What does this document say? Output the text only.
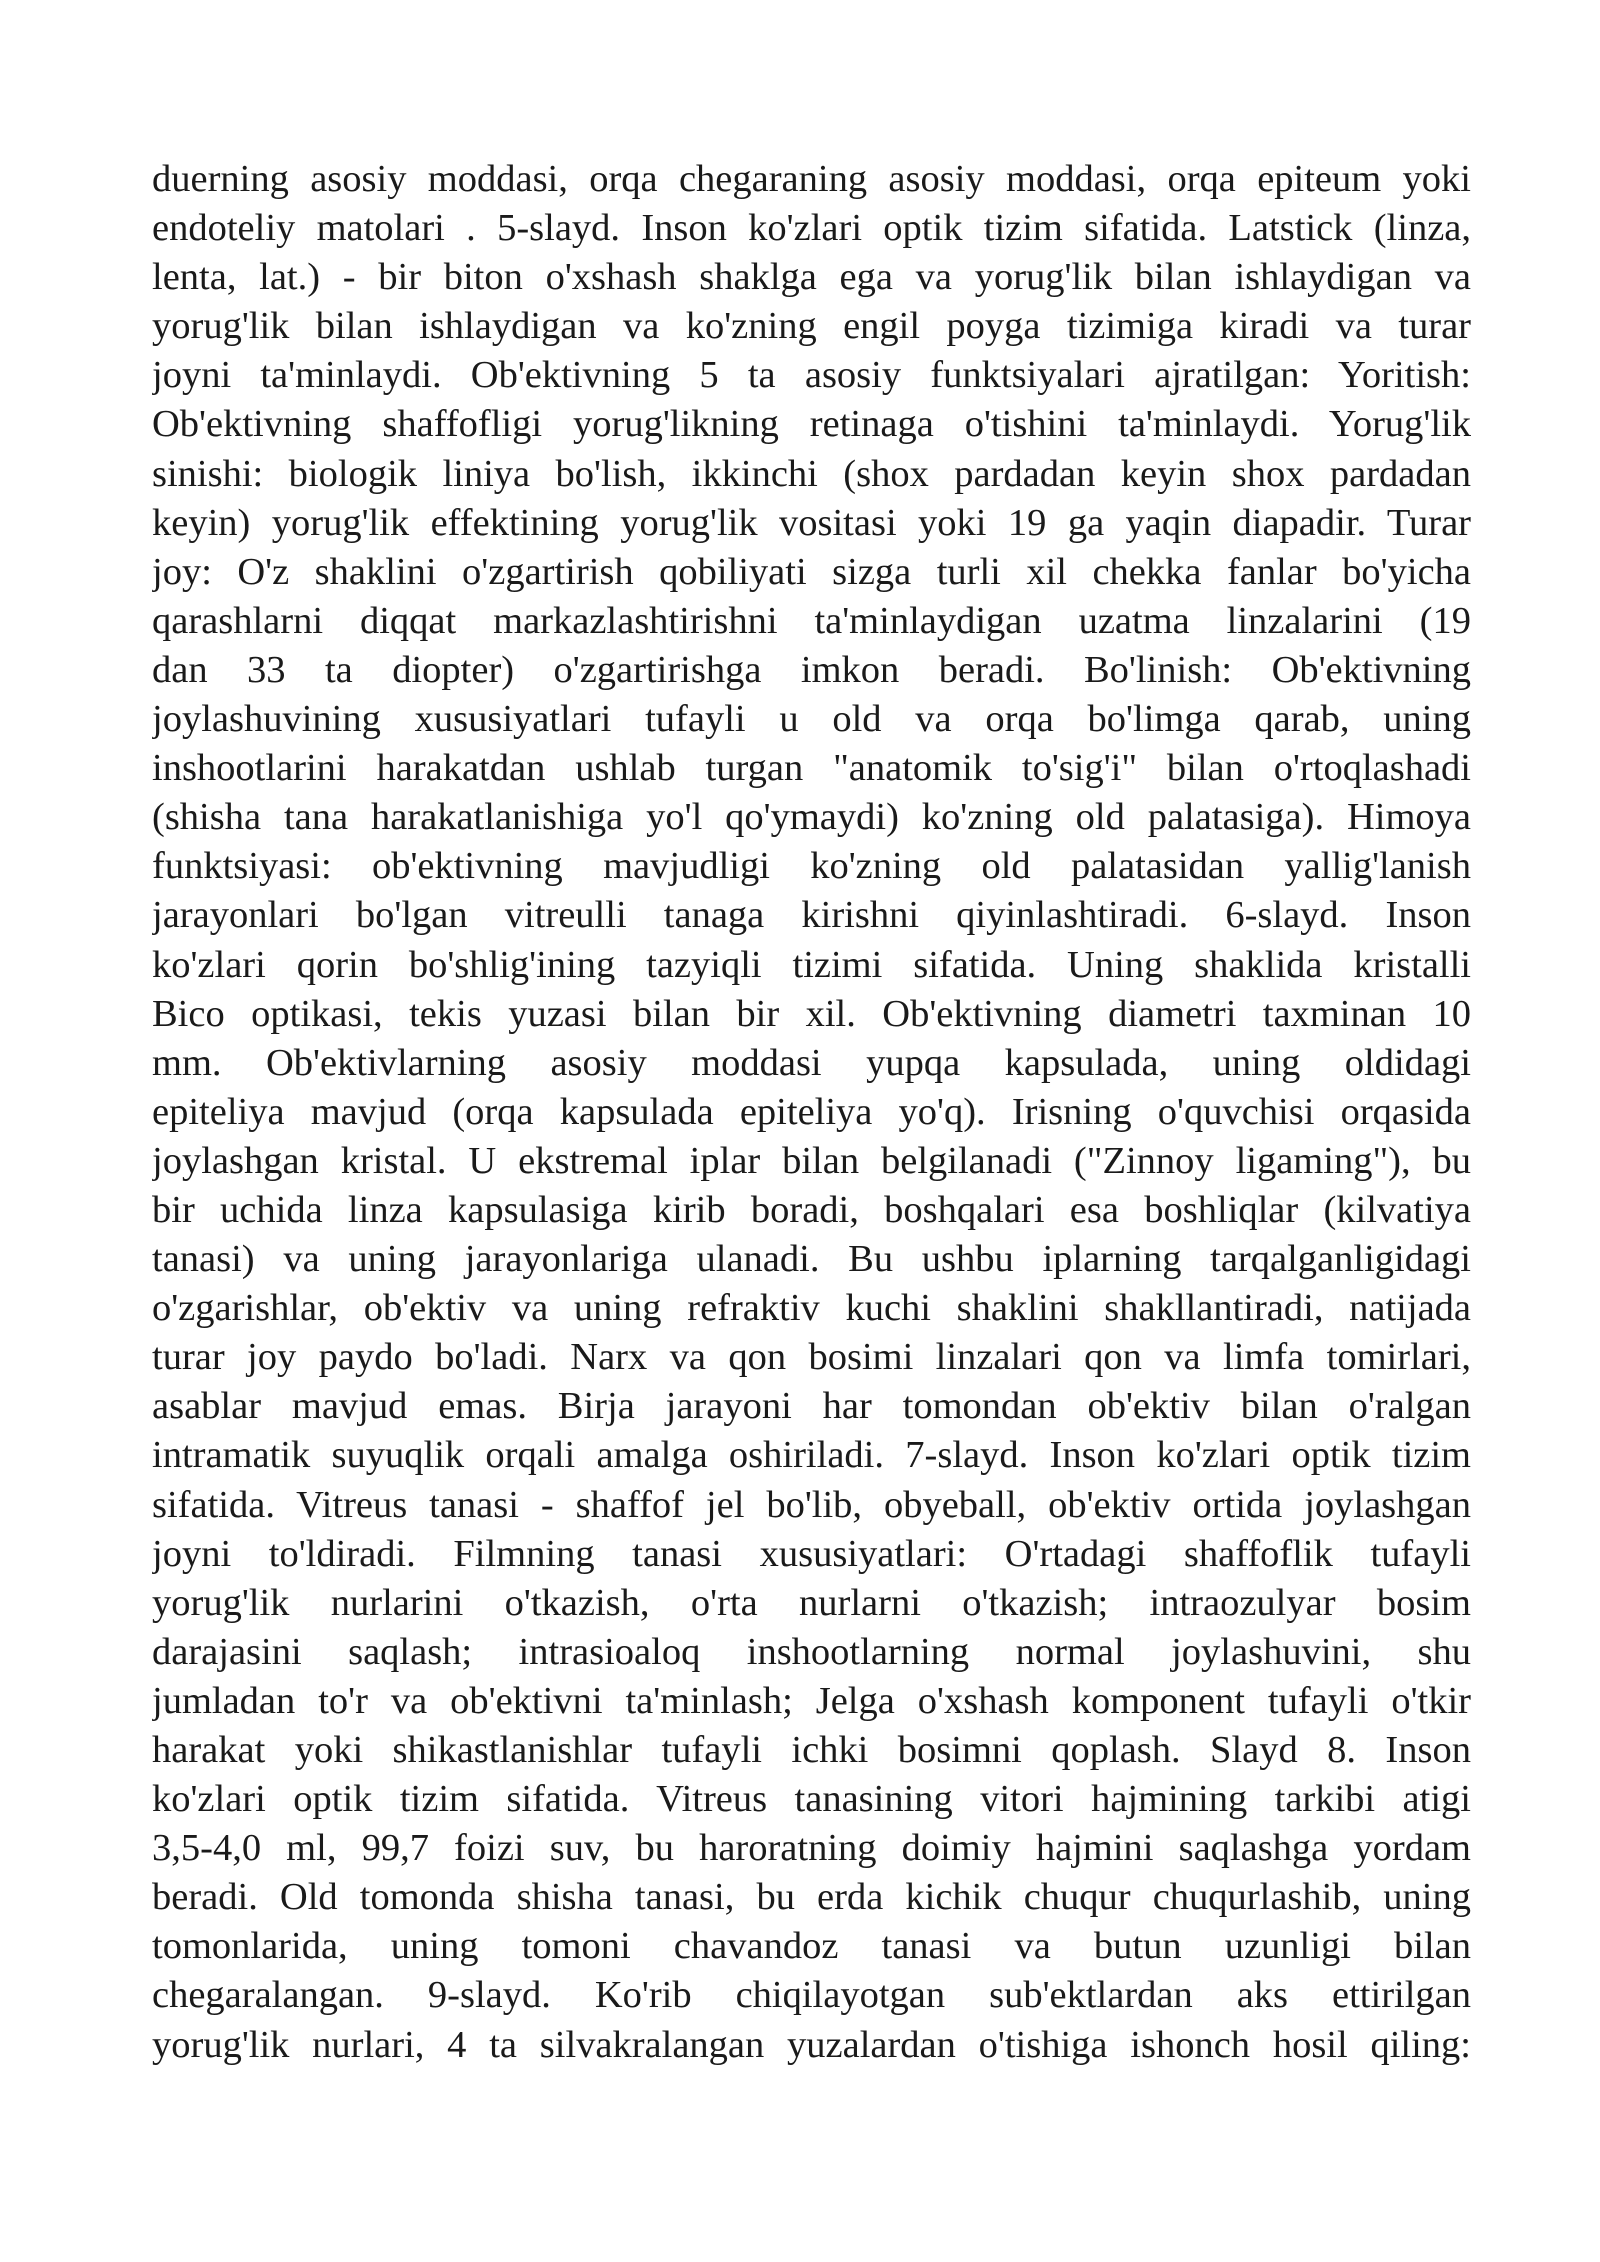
duerning asosiy moddasi, orqa chegaraning asosiy moddasi, orqa epiteum yoki
endoteliy matolari . 5-slayd. Inson ko'zlari optik tizim sifatida. Latstick (linza,
lenta, lat.) - bir biton o'xshash shaklga ega va yorug'lik bilan ishlaydigan va
yorug'lik bilan ishlaydigan va ko'zning engil poyga tizimiga kiradi va turar
joyni ta'minlaydi. Ob'ektivning 5 ta asosiy funktsiyalari ajratilgan: Yoritish:
Ob'ektivning shaffofligi yorug'likning retinaga o'tishini ta'minlaydi. Yorug'lik
sinishi: biologik liniya bo'lish, ikkinchi (shox pardadan keyin shox pardadan
keyin) yorug'lik effektining yorug'lik vositasi yoki 19 ga yaqin diapadir. Turar
joy: O'z shaklini o'zgartirish qobiliyati sizga turli xil chekka fanlar bo'yicha
qarashlarni diqqat markazlashtirishni ta'minlaydigan uzatma linzalarini (19
dan 33 ta diopter) o'zgartirishga imkon beradi. Bo'linish: Ob'ektivning
joylashuvining xususiyatlari tufayli u old va orqa bo'limga qarab, uning
inshootlarini harakatdan ushlab turgan "anatomik to'sig'i" bilan o'rtoqlashadi
(shisha tana harakatlanishiga yo'l qo'ymaydi) ko'zning old palatasiga). Himoya
funktsiyasi: ob'ektivning mavjudligi ko'zning old palatasidan yallig'lanish
jarayonlari bo'lgan vitreulli tanaga kirishni qiyinlashtiradi. 6-slayd. Inson
ko'zlari qorin bo'shlig'ining tazyiqli tizimi sifatida. Uning shaklida kristalli
Bico optikasi, tekis yuzasi bilan bir xil. Ob'ektivning diametri taxminan 10
mm. Ob'ektivlarning asosiy moddasi yupqa kapsulada, uning oldidagi
epiteliya mavjud (orqa kapsulada epiteliya yo'q). Irisning o'quvchisi orqasida
joylashgan kristal. U ekstremal iplar bilan belgilanadi ("Zinnoy ligaming"), bu
bir uchida linza kapsulasiga kirib boradi, boshqalari esa boshliqlar (kilvatiya
tanasi) va uning jarayonlariga ulanadi. Bu ushbu iplarning tarqalganligidagi
o'zgarishlar, ob'ektiv va uning refraktiv kuchi shaklini shakllantiradi, natijada
turar joy paydo bo'ladi. Narx va qon bosimi linzalari qon va limfa tomirlari,
asablar mavjud emas. Birja jarayoni har tomondan ob'ektiv bilan o'ralgan
intramatik suyuqlik orqali amalga oshiriladi. 7-slayd. Inson ko'zlari optik tizim
sifatida. Vitreus tanasi - shaffof jel bo'lib, obyeball, ob'ektiv ortida joylashgan
joyni to'ldiradi. Filmning tanasi xususiyatlari: O'rtadagi shaffoflik tufayli
yorug'lik nurlarini o'tkazish, o'rta nurlarni o'tkazish; intraozulyar bosim
darajasini saqlash; intrasioaloq inshootlarning normal joylashuvini, shu
jumladan to'r va ob'ektivni ta'minlash; Jelga o'xshash komponent tufayli o'tkir
harakat yoki shikastlanishlar tufayli ichki bosimni qoplash. Slayd 8. Inson
ko'zlari optik tizim sifatida. Vitreus tanasining vitori hajmining tarkibi atigi
3,5-4,0 ml, 99,7 foizi suv, bu haroratning doimiy hajmini saqlashga yordam
beradi. Old tomonda shisha tanasi, bu erda kichik chuqur chuqurlashib, uning
tomonlarida, uning tomoni chavandoz tanasi va butun uzunligi bilan
chegaralangan. 9-slayd. Ko'rib chiqilayotgan sub'ektlardan aks ettirilgan
yorug'lik nurlari, 4 ta silvakralangan yuzalardan o'tishiga ishonch hosil qiling:
